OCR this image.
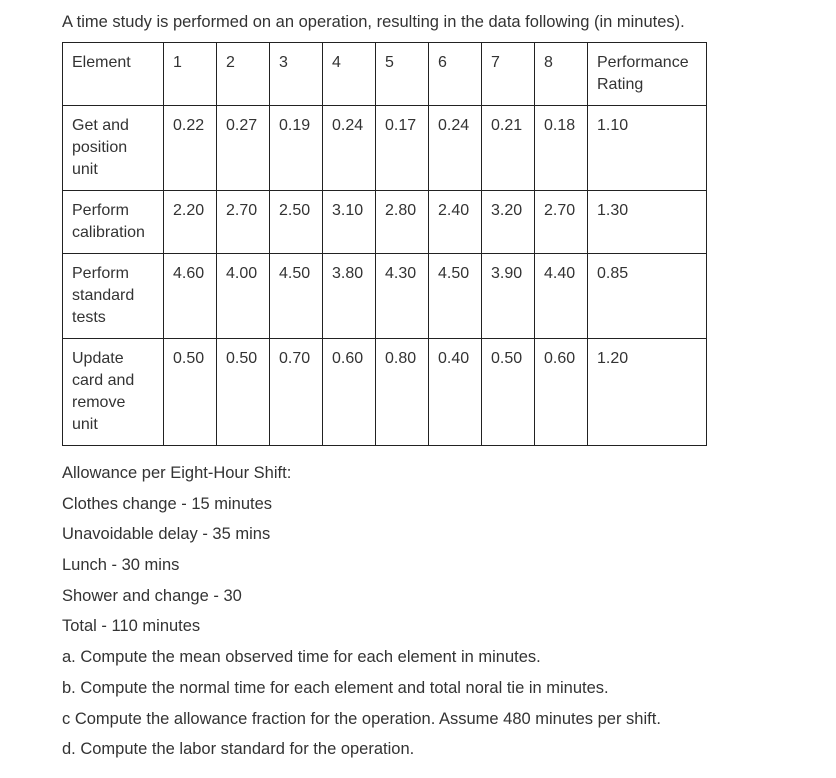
A time study is performed on an operation, resulting in the data following (in minutes).

Element	1	2	3	4	5	6	7	8	Performance Rating
Get and position unit	0.22	0.27	0.19	0.24	0.17	0.24	0.21	0.18	1.10
Perform calibration	2.20	2.70	2.50	3.10	2.80	2.40	3.20	2.70	1.30
Perform standard tests	4.60	4.00	4.50	3.80	4.30	4.50	3.90	4.40	0.85
Update card and remove unit	0.50	0.50	0.70	0.60	0.80	0.40	0.50	0.60	1.20

Allowance per Eight-Hour Shift:

Clothes change - 15 minutes

Unavoidable delay - 35 mins

Lunch - 30 mins

Shower and change - 30

Total - 110 minutes

a. Compute the mean observed time for each element in minutes.

b. Compute the normal time for each element and total noral tie in minutes.

c Compute the allowance fraction for the operation. Assume 480 minutes per shift.

d. Compute the labor standard for the operation.
